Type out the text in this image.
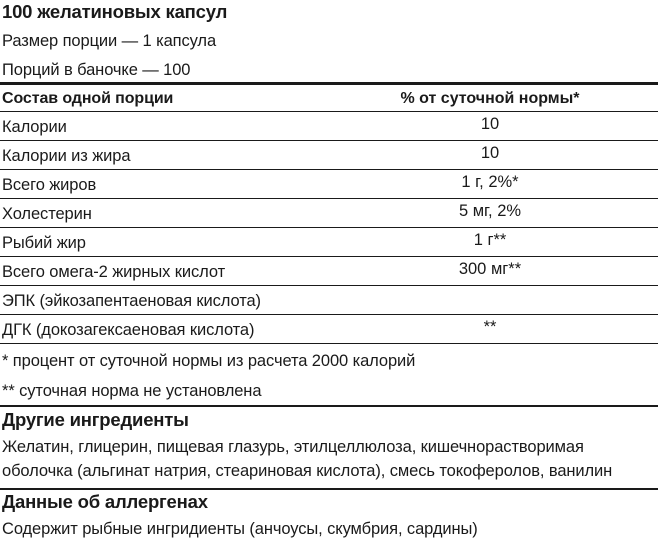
100 желатиновых капсул
Размер порции — 1 капсула
Порций в баночке — 100
Состав одной порции	% от суточной нормы*
Калории	10
Калории из жира	10
Всего жиров	1 г, 2%*
Холестерин	5 мг, 2%
Рыбий жир	1 г**
Всего омега-2 жирных кислот	300 мг**
ЭПК (эйкозапентаеновая кислота)
ДГК (докозагексаеновая кислота)	**
* процент от суточной нормы из расчета 2000 калорий
** суточная норма не установлена
Другие ингредиенты
Желатин, глицерин, пищевая глазурь, этилцеллюлоза, кишечнорастворимая
оболочка (альгинат натрия, стеариновая кислота), смесь токоферолов, ванилин
Данные об аллергенах
Содержит рыбные ингридиенты (анчоусы, скумбрия, сардины)
